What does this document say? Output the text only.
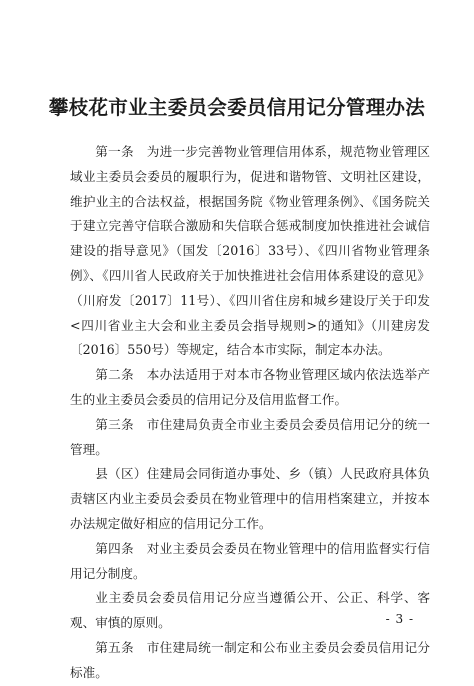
攀枝花市业主委员会委员信用记分管理办法

第一条　为进一步完善物业管理信用体系，规范物业管理区域业主委员会委员的履职行为，促进和谐物管、文明社区建设，维护业主的合法权益，根据国务院《物业管理条例》、《国务院关于建立完善守信联合激励和失信联合惩戒制度加快推进社会诚信建设的指导意见》（国发〔2016〕33号）、《四川省物业管理条例》、《四川省人民政府关于加快推进社会信用体系建设的意见》（川府发〔2017〕11号）、《四川省住房和城乡建设厅关于印发<四川省业主大会和业主委员会指导规则>的通知》（川建房发〔2016〕550号）等规定，结合本市实际，制定本办法。

第二条　本办法适用于对本市各物业管理区域内依法选举产生的业主委员会委员的信用记分及信用监督工作。

第三条　市住建局负责全市业主委员会委员信用记分的统一管理。

县（区）住建局会同街道办事处、乡（镇）人民政府具体负责辖区内业主委员会委员在物业管理中的信用档案建立，并按本办法规定做好相应的信用记分工作。

第四条　对业主委员会委员在物业管理中的信用监督实行信用记分制度。

业主委员会委员信用记分应当遵循公开、公正、科学、客观、审慎的原则。

第五条　市住建局统一制定和公布业主委员会委员信用记分标准。

- 3 -
